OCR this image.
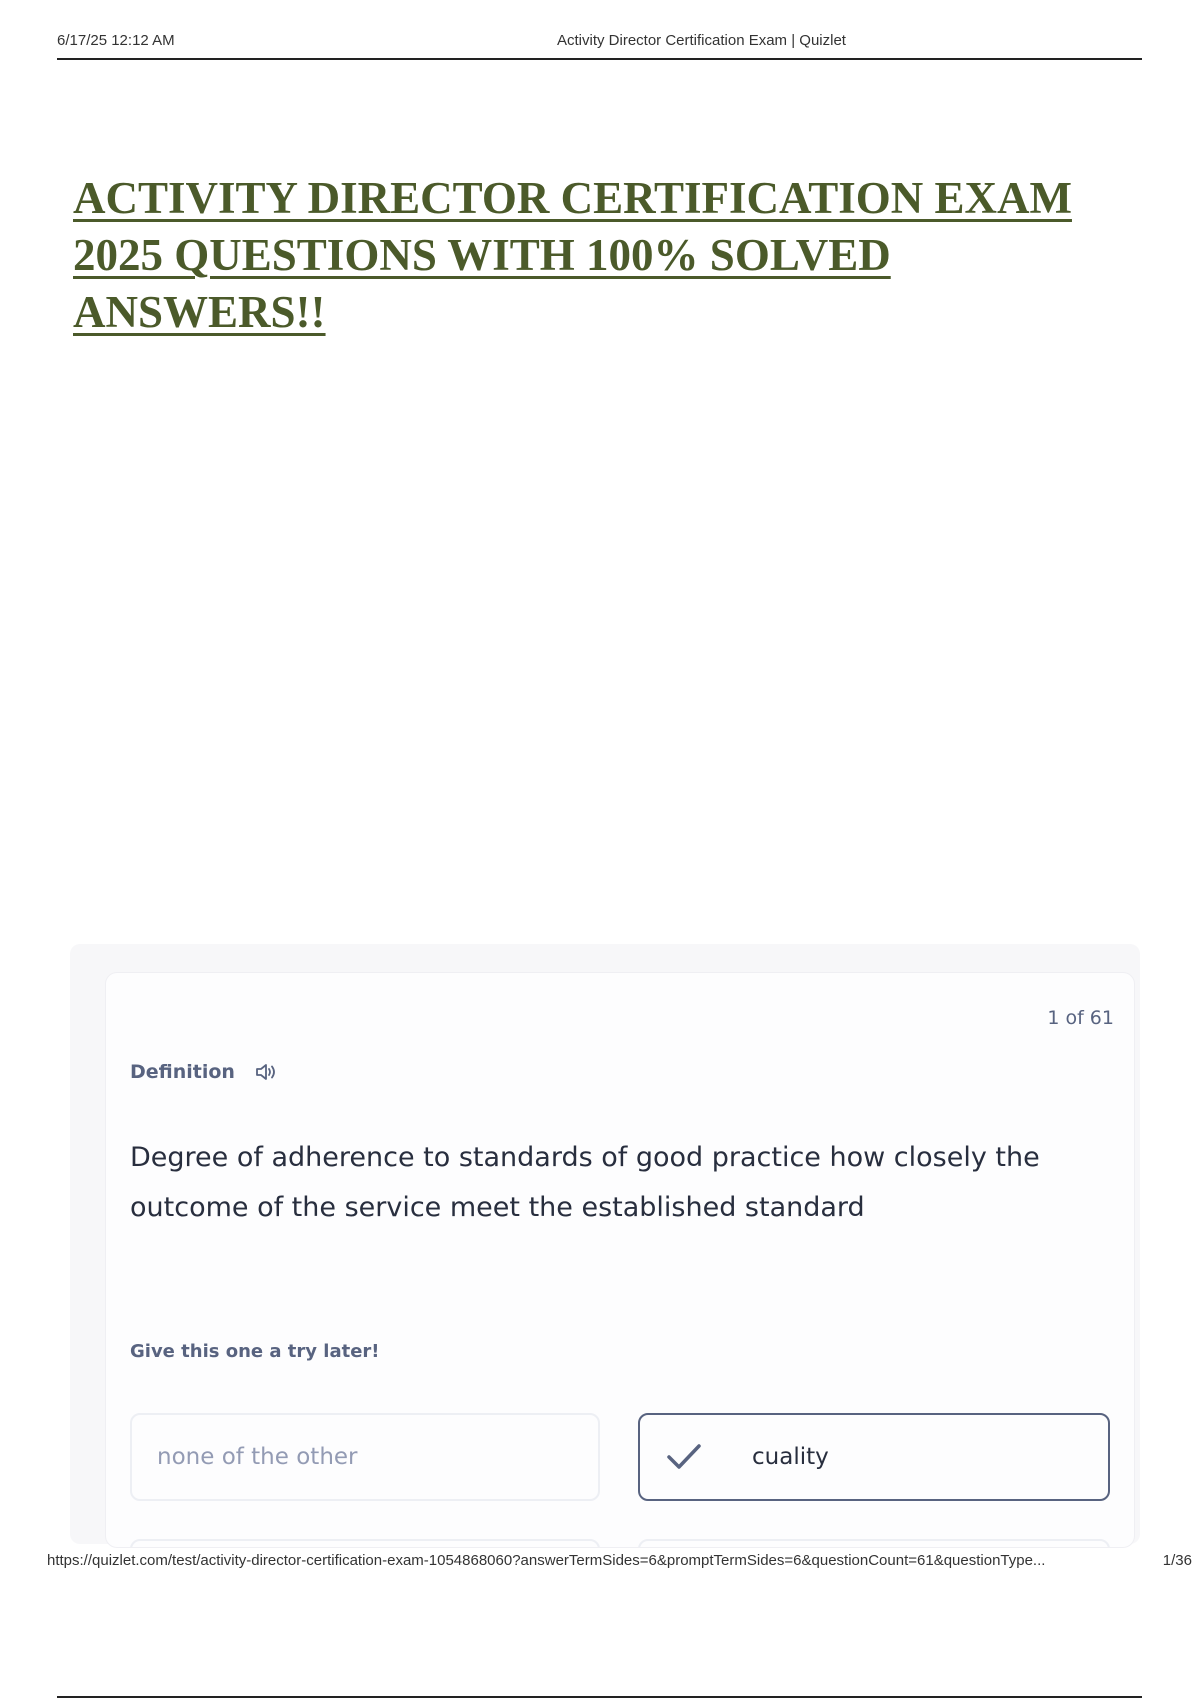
6/17/25 12:12 AM	Activity Director Certification Exam | Quizlet
ACTIVITY DIRECTOR CERTIFICATION EXAM 2025 QUESTIONS WITH 100% SOLVED ANSWERS!!
1 of 61
Definition
Degree of adherence to standards of good practice how closely the outcome of the service meet the established standard
Give this one a try later!
none of the other	cuality
https://quizlet.com/test/activity-director-certification-exam-1054868060?answerTermSides=6&promptTermSides=6&questionCount=61&questionType...	1/36
